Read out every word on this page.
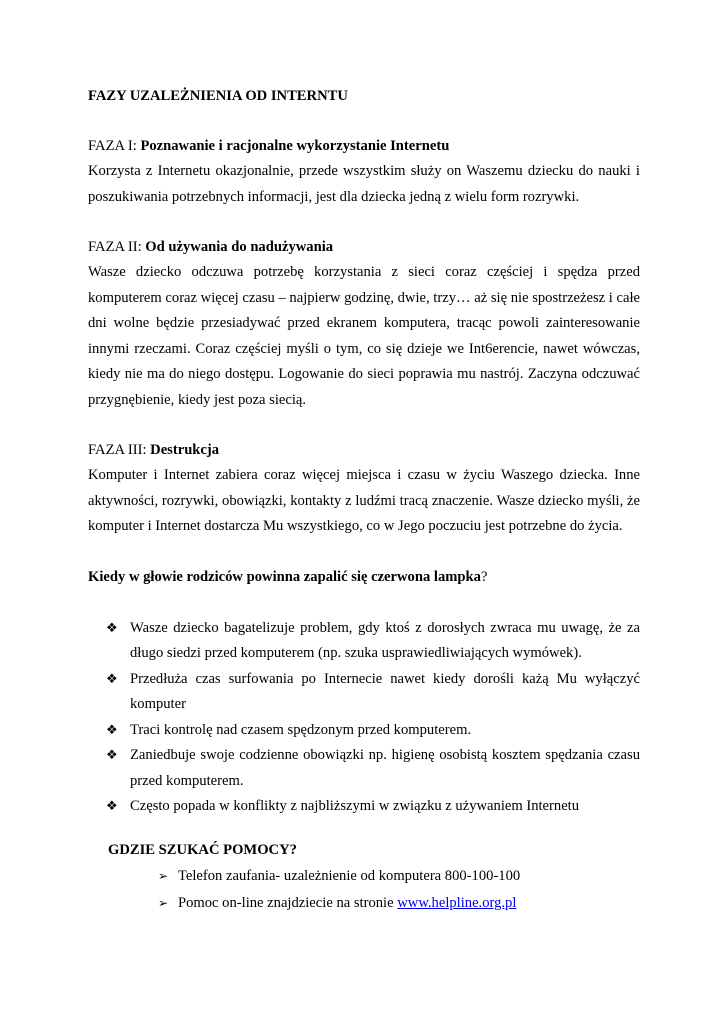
FAZY UZALEŻNIENIA OD INTERNTU

FAZA I: Poznawanie i racjonalne wykorzystanie Internetu

Korzysta z Internetu okazjonalnie, przede wszystkim służy on Waszemu dziecku do nauki i poszukiwania potrzebnych informacji, jest dla dziecka jedną z wielu form rozrywki.

FAZA II: Od używania do nadużywania

Wasze dziecko odczuwa potrzebę korzystania z sieci coraz częściej i spędza przed komputerem coraz więcej czasu – najpierw godzinę, dwie, trzy… aż się nie spostrzeżesz i całe dni wolne będzie przesiadywać przed ekranem komputera, tracąc powoli zainteresowanie innymi rzeczami. Coraz częściej myśli o tym, co się dzieje we Int6erencie, nawet wówczas, kiedy nie ma do niego dostępu. Logowanie do sieci poprawia mu nastrój. Zaczyna odczuwać przygnębienie, kiedy jest poza siecią.

FAZA III: Destrukcja

Komputer i Internet zabiera coraz więcej miejsca i czasu w życiu Waszego dziecka. Inne aktywności, rozrywki, obowiązki, kontakty z ludźmi tracą znaczenie. Wasze dziecko myśli, że komputer i Internet dostarcza Mu wszystkiego, co w Jego poczuciu jest potrzebne do życia.

Kiedy w głowie rodziców powinna zapalić się czerwona lampka?

❖ Wasze dziecko bagatelizuje problem, gdy ktoś z dorosłych zwraca mu uwagę, że za długo siedzi przed komputerem (np. szuka usprawiedliwiających wymówek).
❖ Przedłuża czas surfowania po Internecie nawet kiedy dorośli każą Mu wyłączyć komputer
❖ Traci kontrolę nad czasem spędzonym przed komputerem.
❖ Zaniedbuje swoje codzienne obowiązki np. higienę osobistą kosztem spędzania czasu przed komputerem.
❖ Często popada w konflikty z najbliższymi w związku z używaniem Internetu

GDZIE SZUKAĆ POMOCY?

➢ Telefon zaufania- uzależnienie od komputera 800-100-100
➢ Pomoc on-line znajdziecie na stronie www.helpline.org.pl
